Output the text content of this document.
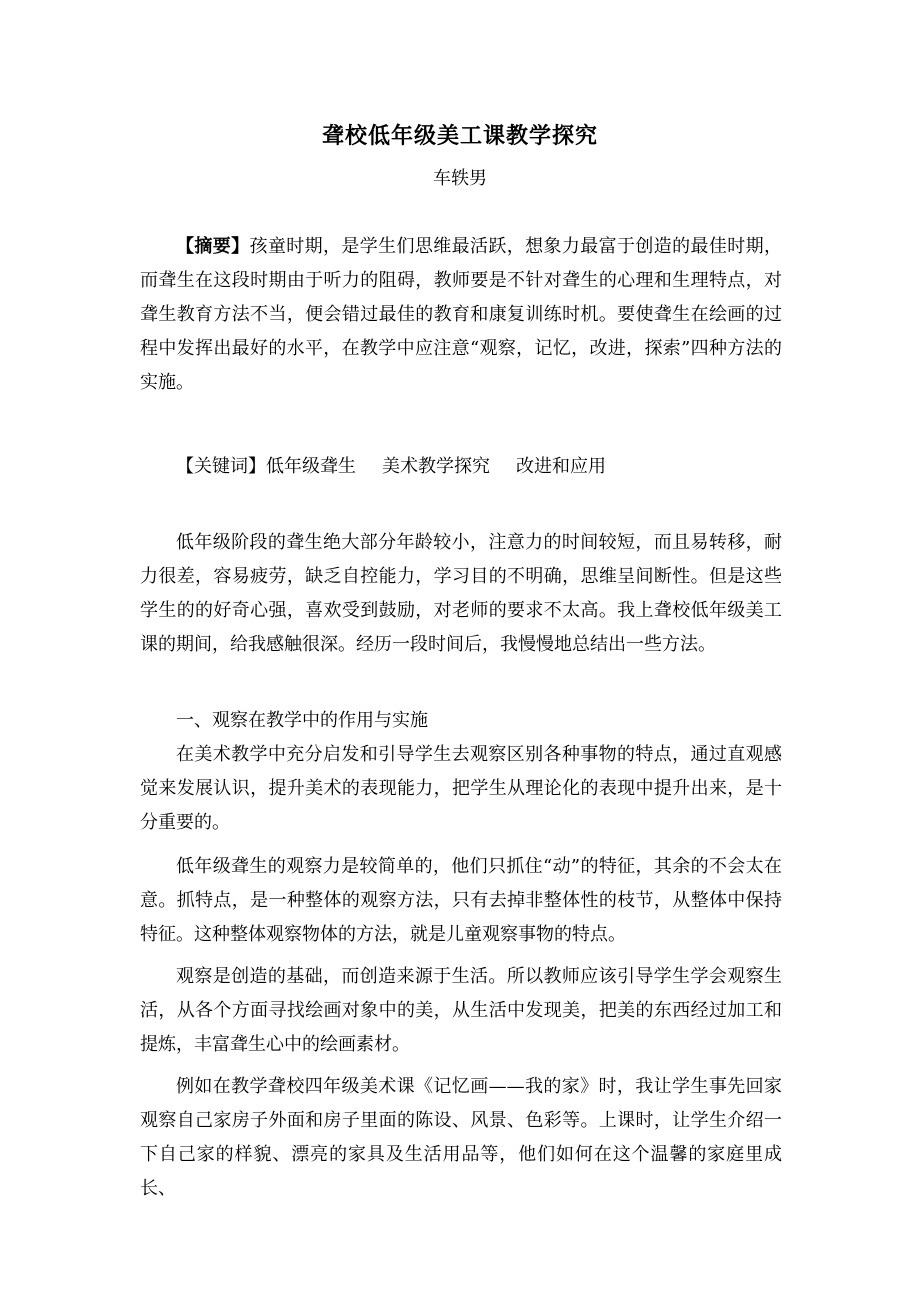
聋校低年级美工课教学探究
车轶男

【摘要】孩童时期，是学生们思维最活跃，想象力最富于创造的最佳时期，而聋生在这段时期由于听力的阻碍，教师要是不针对聋生的心理和生理特点，对聋生教育方法不当，便会错过最佳的教育和康复训练时机。要使聋生在绘画的过程中发挥出最好的水平，在教学中应注意“观察，记忆，改进，探索”四种方法的实施。

【关键词】低年级聋生 美术教学探究 改进和应用

低年级阶段的聋生绝大部分年龄较小，注意力的时间较短，而且易转移，耐力很差，容易疲劳，缺乏自控能力，学习目的不明确，思维呈间断性。但是这些学生的的好奇心强，喜欢受到鼓励，对老师的要求不太高。我上聋校低年级美工课的期间，给我感触很深。经历一段时间后，我慢慢地总结出一些方法。

一、观察在教学中的作用与实施

在美术教学中充分启发和引导学生去观察区别各种事物的特点，通过直观感觉来发展认识，提升美术的表现能力，把学生从理论化的表现中提升出来，是十分重要的。

低年级聋生的观察力是较简单的，他们只抓住“动”的特征，其余的不会太在意。抓特点，是一种整体的观察方法，只有去掉非整体性的枝节，从整体中保持特征。这种整体观察物体的方法，就是儿童观察事物的特点。

观察是创造的基础，而创造来源于生活。所以教师应该引导学生学会观察生活，从各个方面寻找绘画对象中的美，从生活中发现美，把美的东西经过加工和提炼，丰富聋生心中的绘画素材。

例如在教学聋校四年级美术课《记忆画——我的家》时，我让学生事先回家观察自己家房子外面和房子里面的陈设、风景、色彩等。上课时，让学生介绍一下自己家的样貌、漂亮的家具及生活用品等，他们如何在这个温馨的家庭里成长、
